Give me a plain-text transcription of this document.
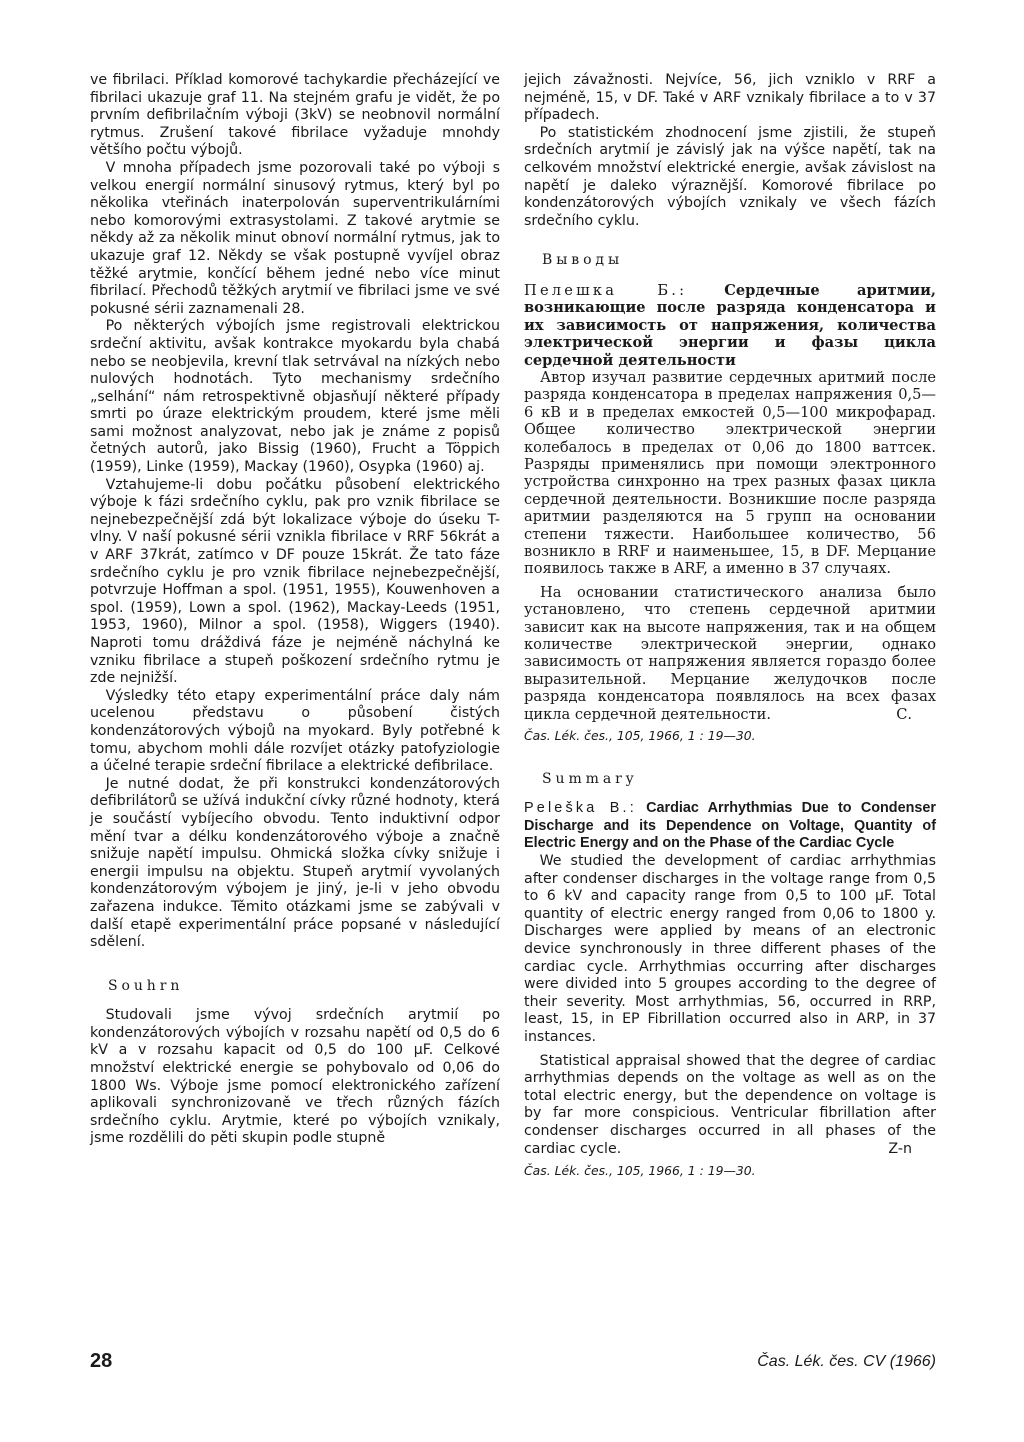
ve fibrilaci. Příklad komorové tachykardie přecházející ve fibrilaci ukazuje graf 11. Na stejném grafu je vidět, že po prvním defibrilačním výboji (3kV) se neobnovil normální rytmus. Zrušení takové fibrilace vyžaduje mnohdy většího počtu výbojů.

V mnoha případech jsme pozorovali také po výboji s velkou energií normální sinusový rytmus, který byl po několika vteřinách inaterpolován superventrikulárními nebo komorovými extrasystolami. Z takové arytmie se někdy až za několik minut obnoví normální rytmus, jak to ukazuje graf 12. Někdy se však postupně vyvíjel obraz těžké arytmie, končící během jedné nebo více minut fibrilací. Přechodů těžkých arytmií ve fibrilaci jsme ve své pokusné sérii zaznamenali 28.

Po některých výbojích jsme registrovali elektrickou srdeční aktivitu, avšak kontrakce myokardu byla chabá nebo se neobjevila, krevní tlak setrvával na nízkých nebo nulových hodnotách. Tyto mechanismy srdečního „selhání“ nám retrospektivně objasňují některé případy smrti po úraze elektrickým proudem, které jsme měli sami možnost analyzovat, nebo jak je známe z popisů četných autorů, jako Bissig (1960), Frucht a Töppich (1959), Linke (1959), Mackay (1960), Osypka (1960) aj.

Vztahujeme-li dobu počátku působení elektrického výboje k fázi srdečního cyklu, pak pro vznik fibrilace se nejnebezpečnější zdá být lokalizace výboje do úseku T-vlny. V naší pokusné sérii vznikla fibrilace v RRF 56krát a v ARF 37krát, zatímco v DF pouze 15krát. Že tato fáze srdečního cyklu je pro vznik fibrilace nejnebezpečnější, potvrzuje Hoffman a spol. (1951, 1955), Kouwenhoven a spol. (1959), Lown a spol. (1962), Mackay-Leeds (1951, 1953, 1960), Milnor a spol. (1958), Wiggers (1940). Naproti tomu dráždivá fáze je nejméně náchylná ke vzniku fibrilace a stupeň poškození srdečního rytmu je zde nejnižší.

Výsledky této etapy experimentální práce daly nám ucelenou představu o působení čistých kondenzátorových výbojů na myokard. Byly potřebné k tomu, abychom mohli dále rozvíjet otázky patofyziologie a účelné terapie srdeční fibrilace a elektrické defibrilace.

Je nutné dodat, že při konstrukci kondenzátorových defibrilátorů se užívá indukční cívky různé hodnoty, která je součástí vybíjecího obvodu. Tento induktivní odpor mění tvar a délku kondenzátorového výboje a značně snižuje napětí impulsu. Ohmická složka cívky snižuje i energii impulsu na objektu. Stupeň arytmií vyvolaných kondenzátorovým výbojem je jiný, je-li v jeho obvodu zařazena indukce. Těmito otázkami jsme se zabývali v další etapě experimentální práce popsané v následující sdělení.

Souhrn

Studovali jsme vývoj srdečních arytmií po kondenzátorových výbojích v rozsahu napětí od 0,5 do 6 kV a v rozsahu kapacit od 0,5 do 100 µF. Celkové množství elektrické energie se pohybovalo od 0,06 do 1800 Ws. Výboje jsme pomocí elektronického zařízení aplikovali synchronizovaně ve třech různých fázích srdečního cyklu. Arytmie, které po výbojích vznikaly, jsme rozdělili do pěti skupin podle stupně

jejich závažnosti. Nejvíce, 56, jich vzniklo v RRF a nejméně, 15, v DF. Také v ARF vznikaly fibrilace a to v 37 případech.

Po statistickém zhodnocení jsme zjistili, že stupeň srdečních arytmií je závislý jak na výšce napětí, tak na celkovém množství elektrické energie, avšak závislost na napětí je daleko výraznější. Komorové fibrilace po kondenzátorových výbojích vznikaly ve všech fázích srdečního cyklu.

Выводы

Пелешка Б.:	Сердечные аритмии, возникающие после разряда конденсатора и их зависимость от напряжения, количества электрической энергии и фазы цикла сердечной деятельности

Автор изучал развитие сердечных аритмий после разряда конденсатора в пределах напряжения 0,5—6 кВ и в пределах емкостей 0,5—100 микрофарад. Общее количество электрической энергии колебалось в пределах от 0,06 до 1800 ваттсек. Разряды применялись при помощи электронного устройства синхронно на трех разных фазах цикла сердечной деятельности. Возникшие после разряда аритмии разделяются на 5 групп на основании степени тяжести. Наибольшее количество, 56 возникло в RRF и наименьшее, 15, в DF. Мерцание появилось также в ARF, а именно в 37 случаях.

На основании статистического анализа было установлено, что степень сердечной аритмии зависит как на высоте напряжения, так и на общем количестве электрической энергии, однако зависимость от напряжения является гораздо более выразительной. Мерцание желудочков после разряда конденсатора появлялось на всех фазах цикла сердечной деятельности.	С.

Čas. Lék. čes., 105, 1966, 1 : 19—30.

Summary

Peleška B.: Cardiac Arrhythmias Due to Condenser Discharge and its Dependence on Voltage, Quantity of Electric Energy and on the Phase of the Cardiac Cycle

We studied the development of cardiac arrhythmias after condenser discharges in the voltage range from 0,5 to 6 kV and capacity range from 0,5 to 100 µF. Total quantity of electric energy ranged from 0,06 to 1800 y. Discharges were applied by means of an electronic device synchronously in three different phases of the cardiac cycle. Arrhythmias occurring after discharges were divided into 5 groupes according to the degree of their severity. Most arrhythmias, 56, occurred in RRP, least, 15, in EP Fibrillation occurred also in ARP, in 37 instances.

Statistical appraisal showed that the degree of cardiac arrhythmias depends on the voltage as well as on the total electric energy, but the dependence on voltage is by far more conspicious. Ventricular fibrillation after condenser discharges occurred in all phases of the cardiac cycle.	Z-n

Čas. Lék. čes., 105, 1966, 1 : 19—30.

28	Čas. Lék. čes. CV (1966)
